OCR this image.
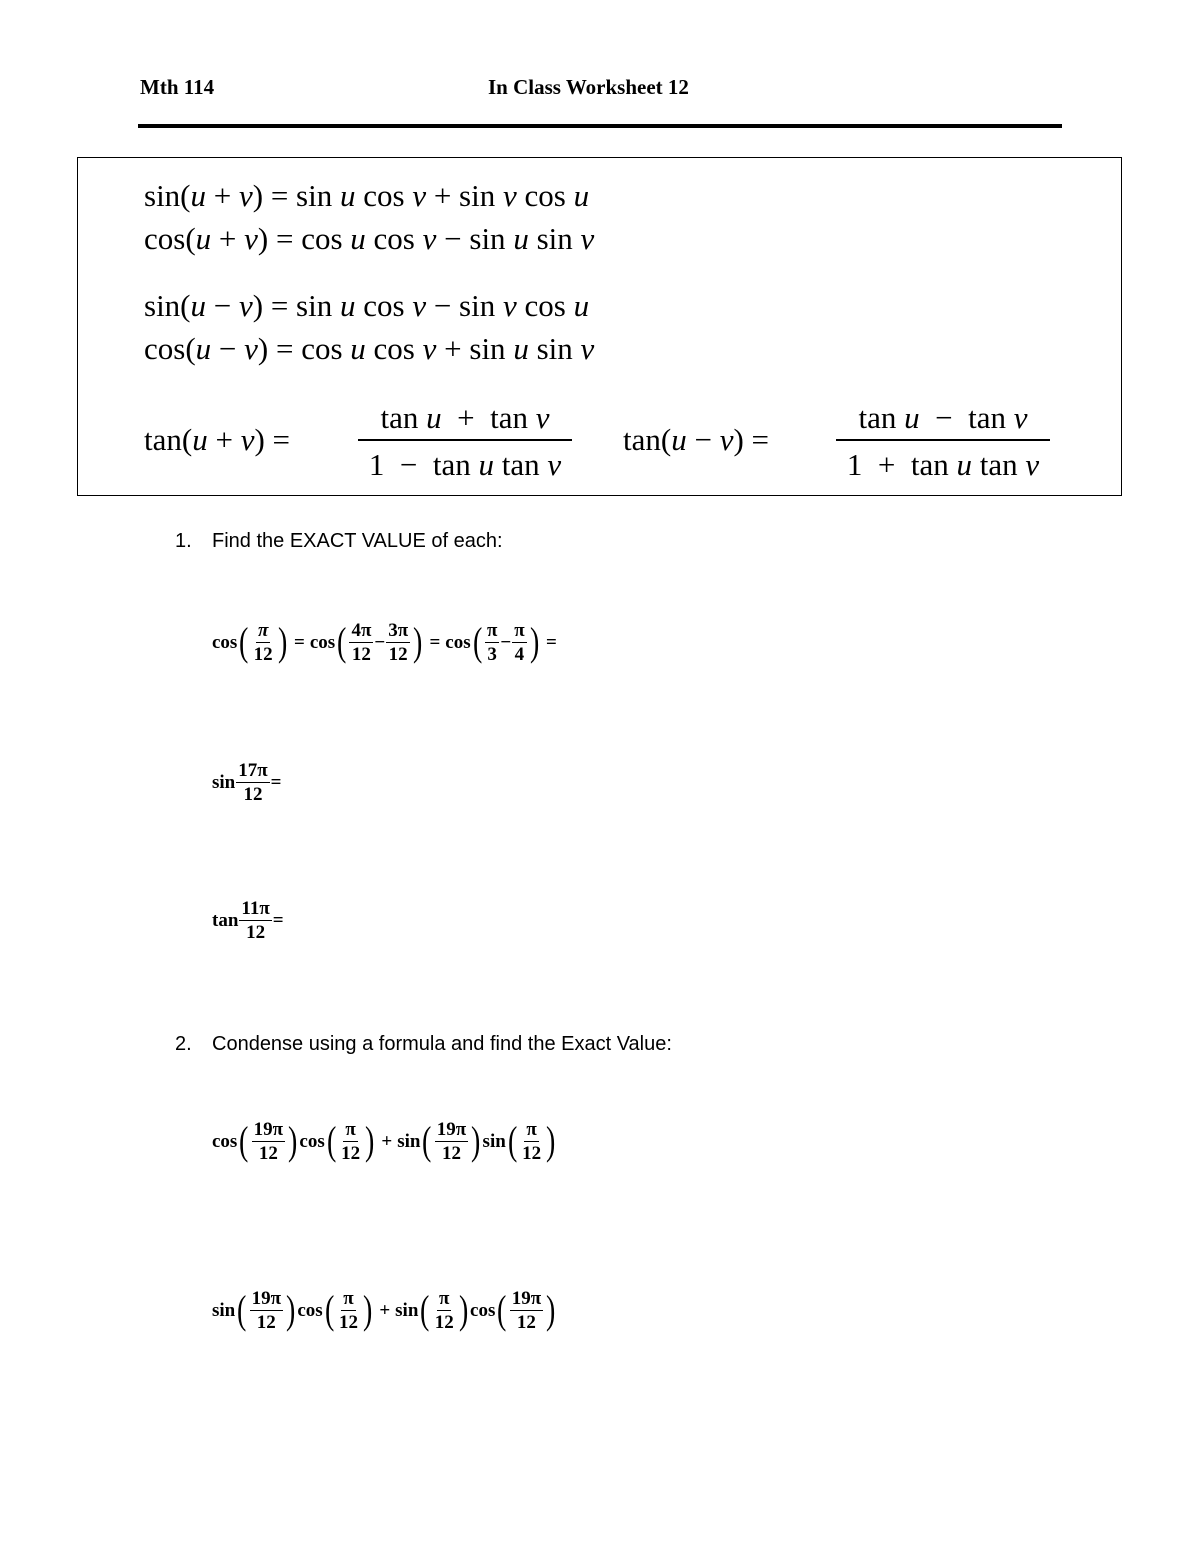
Mth 114	In Class Worksheet 12
sin(u + v) = sin u cos v + sin v cos u
cos(u + v) = cos u cos v − sin u sin v
sin(u − v) = sin u cos v − sin v cos u
cos(u − v) = cos u cos v + sin u sin v
tan(u + v) =
tan u  +  tan v
1  −  tan u tan v
tan(u − v) =
tan u  −  tan v
1  +  tan u tan v
1. Find the EXACT VALUE of each:
cos ( π
12 ) = cos ( 4π
12
− $\frac{3\pi}{12}$ ) = cos ( π
3
− $\frac{\pi}{4}$ ) =
$\sin \frac{17\pi}{12}$ =
$\tan \frac{11\pi}{12}$ =
2. Condense using a formula and find the Exact Value:
cos ( 19π
12 ) cos ( π
12 ) + sin ( 19π
12 ) sin ( π
12 )
sin ( 19π
12 ) cos ( π
12 ) + sin ( π
12 ) cos ( 19π
12 )
